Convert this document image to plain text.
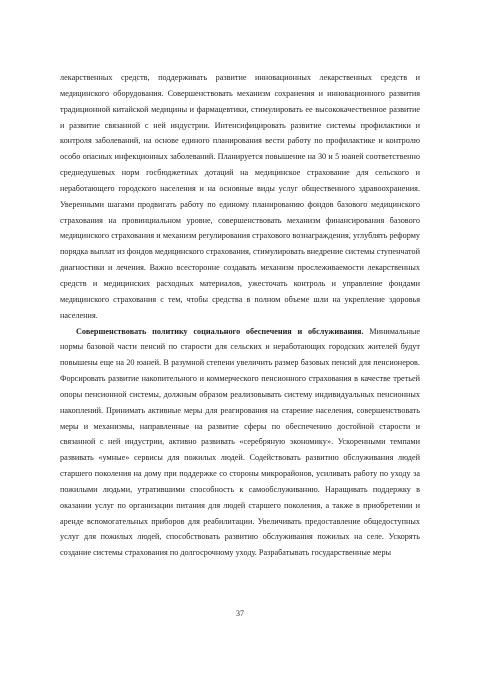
лекарственных средств, поддерживать развитие инновационных лекарственных средств и медицинского оборудования. Совершенствовать механизм сохранения и инновационного развития традиционной китайской медицины и фармацевтики, стимулировать ее высококачественное развитие и развитие связанной с ней индустрии. Интенсифицировать развитие системы профилактики и контроля заболеваний, на основе единого планирования вести работу по профилактике и контролю особо опасных инфекционных заболеваний. Планируется повышение на 30 и 5 юаней соответственно среднедушевых норм госбюджетных дотаций на медицинское страхование для сельского и неработающего городского населения и на основные виды услуг общественного здравоохранения. Уверенными шагами продвигать работу по единому планированию фондов базового медицинского страхования на провинциальном уровне, совершенствовать механизм финансирования базового медицинского страхования и механизм регулирования страхового вознаграждения, углублять реформу порядка выплат из фондов медицинского страхования, стимулировать внедрение системы ступенчатой диагностики и лечения. Важно всесторонне создавать механизм прослеживаемости лекарственных средств и медицинских расходных материалов, ужесточать контроль и управление фондами медицинского страхования с тем, чтобы средства в полном объеме шли на укрепление здоровья населения.

Совершенствовать политику социального обеспечения и обслуживания. Минимальные нормы базовой части пенсий по старости для сельских и неработающих городских жителей будут повышены еще на 20 юаней. В разумной степени увеличить размер базовых пенсий для пенсионеров. Форсировать развитие накопительного и коммерческого пенсионного страхования в качестве третьей опоры пенсионной системы, должным образом реализовывать систему индивидуальных пенсионных накоплений. Принимать активные меры для реагирования на старение населения, совершенствовать меры и механизмы, направленные на развитие сферы по обеспечению достойной старости и связанной с ней индустрии, активно развивать «серебряную экономику». Ускоренными темпами развивать «умные» сервисы для пожилых людей. Содействовать развитию обслуживания людей старшего поколения на дому при поддержке со стороны микрорайонов, усиливать работу по уходу за пожилыми людьми, утратившими способность к самообслуживанию. Наращивать поддержку в оказании услуг по организации питания для людей старшего поколения, а также в приобретении и аренде вспомогательных приборов для реабилитации. Увеличивать предоставление общедоступных услуг для пожилых людей, способствовать развитию обслуживания пожилых на селе. Ускорять создание системы страхования по долгосрочному уходу. Разрабатывать государственные меры

37
